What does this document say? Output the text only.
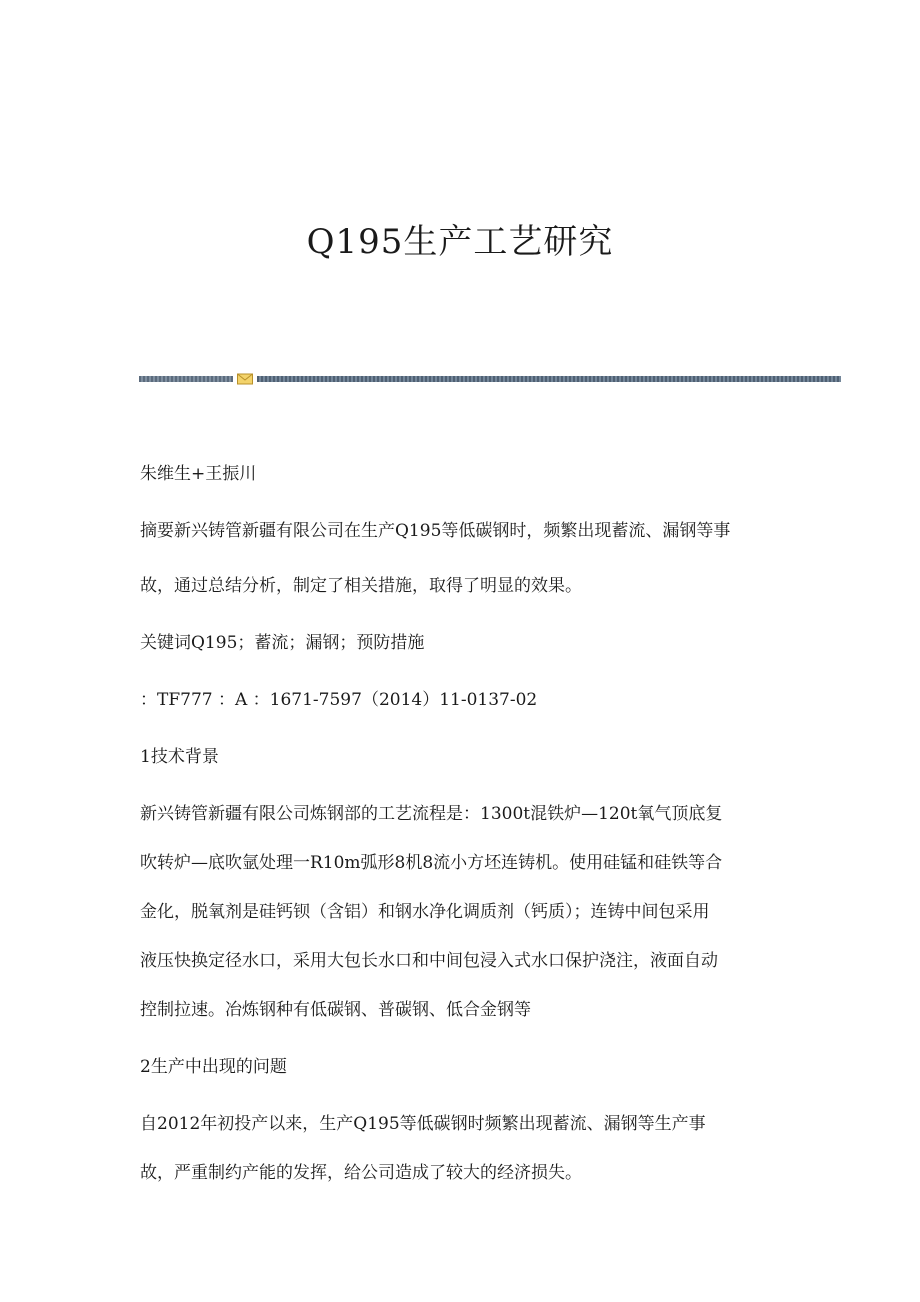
Q195生产工艺研究

朱维生+王振川

摘要新兴铸管新疆有限公司在生产Q195等低碳钢时，频繁出现蓄流、漏钢等事
故，通过总结分析，制定了相关措施，取得了明显的效果。

关键词Q195；蓄流；漏钢；预防措施

：TF777 ：A ：1671-7597（2014）11-0137-02

1技术背景

新兴铸管新疆有限公司炼钢部的工艺流程是：1300t混铁炉—120t氧气顶底复
吹转炉—底吹氩处理一R10m弧形8机8流小方坯连铸机。使用硅锰和硅铁等合
金化，脱氧剂是硅钙钡（含铝）和钢水净化调质剂（钙质）；连铸中间包采用
液压快换定径水口，采用大包长水口和中间包浸入式水口保护浇注，液面自动
控制拉速。冶炼钢种有低碳钢、普碳钢、低合金钢等

2生产中出现的问题

自2012年初投产以来，生产Q195等低碳钢时频繁出现蓄流、漏钢等生产事
故，严重制约产能的发挥，给公司造成了较大的经济损失。
